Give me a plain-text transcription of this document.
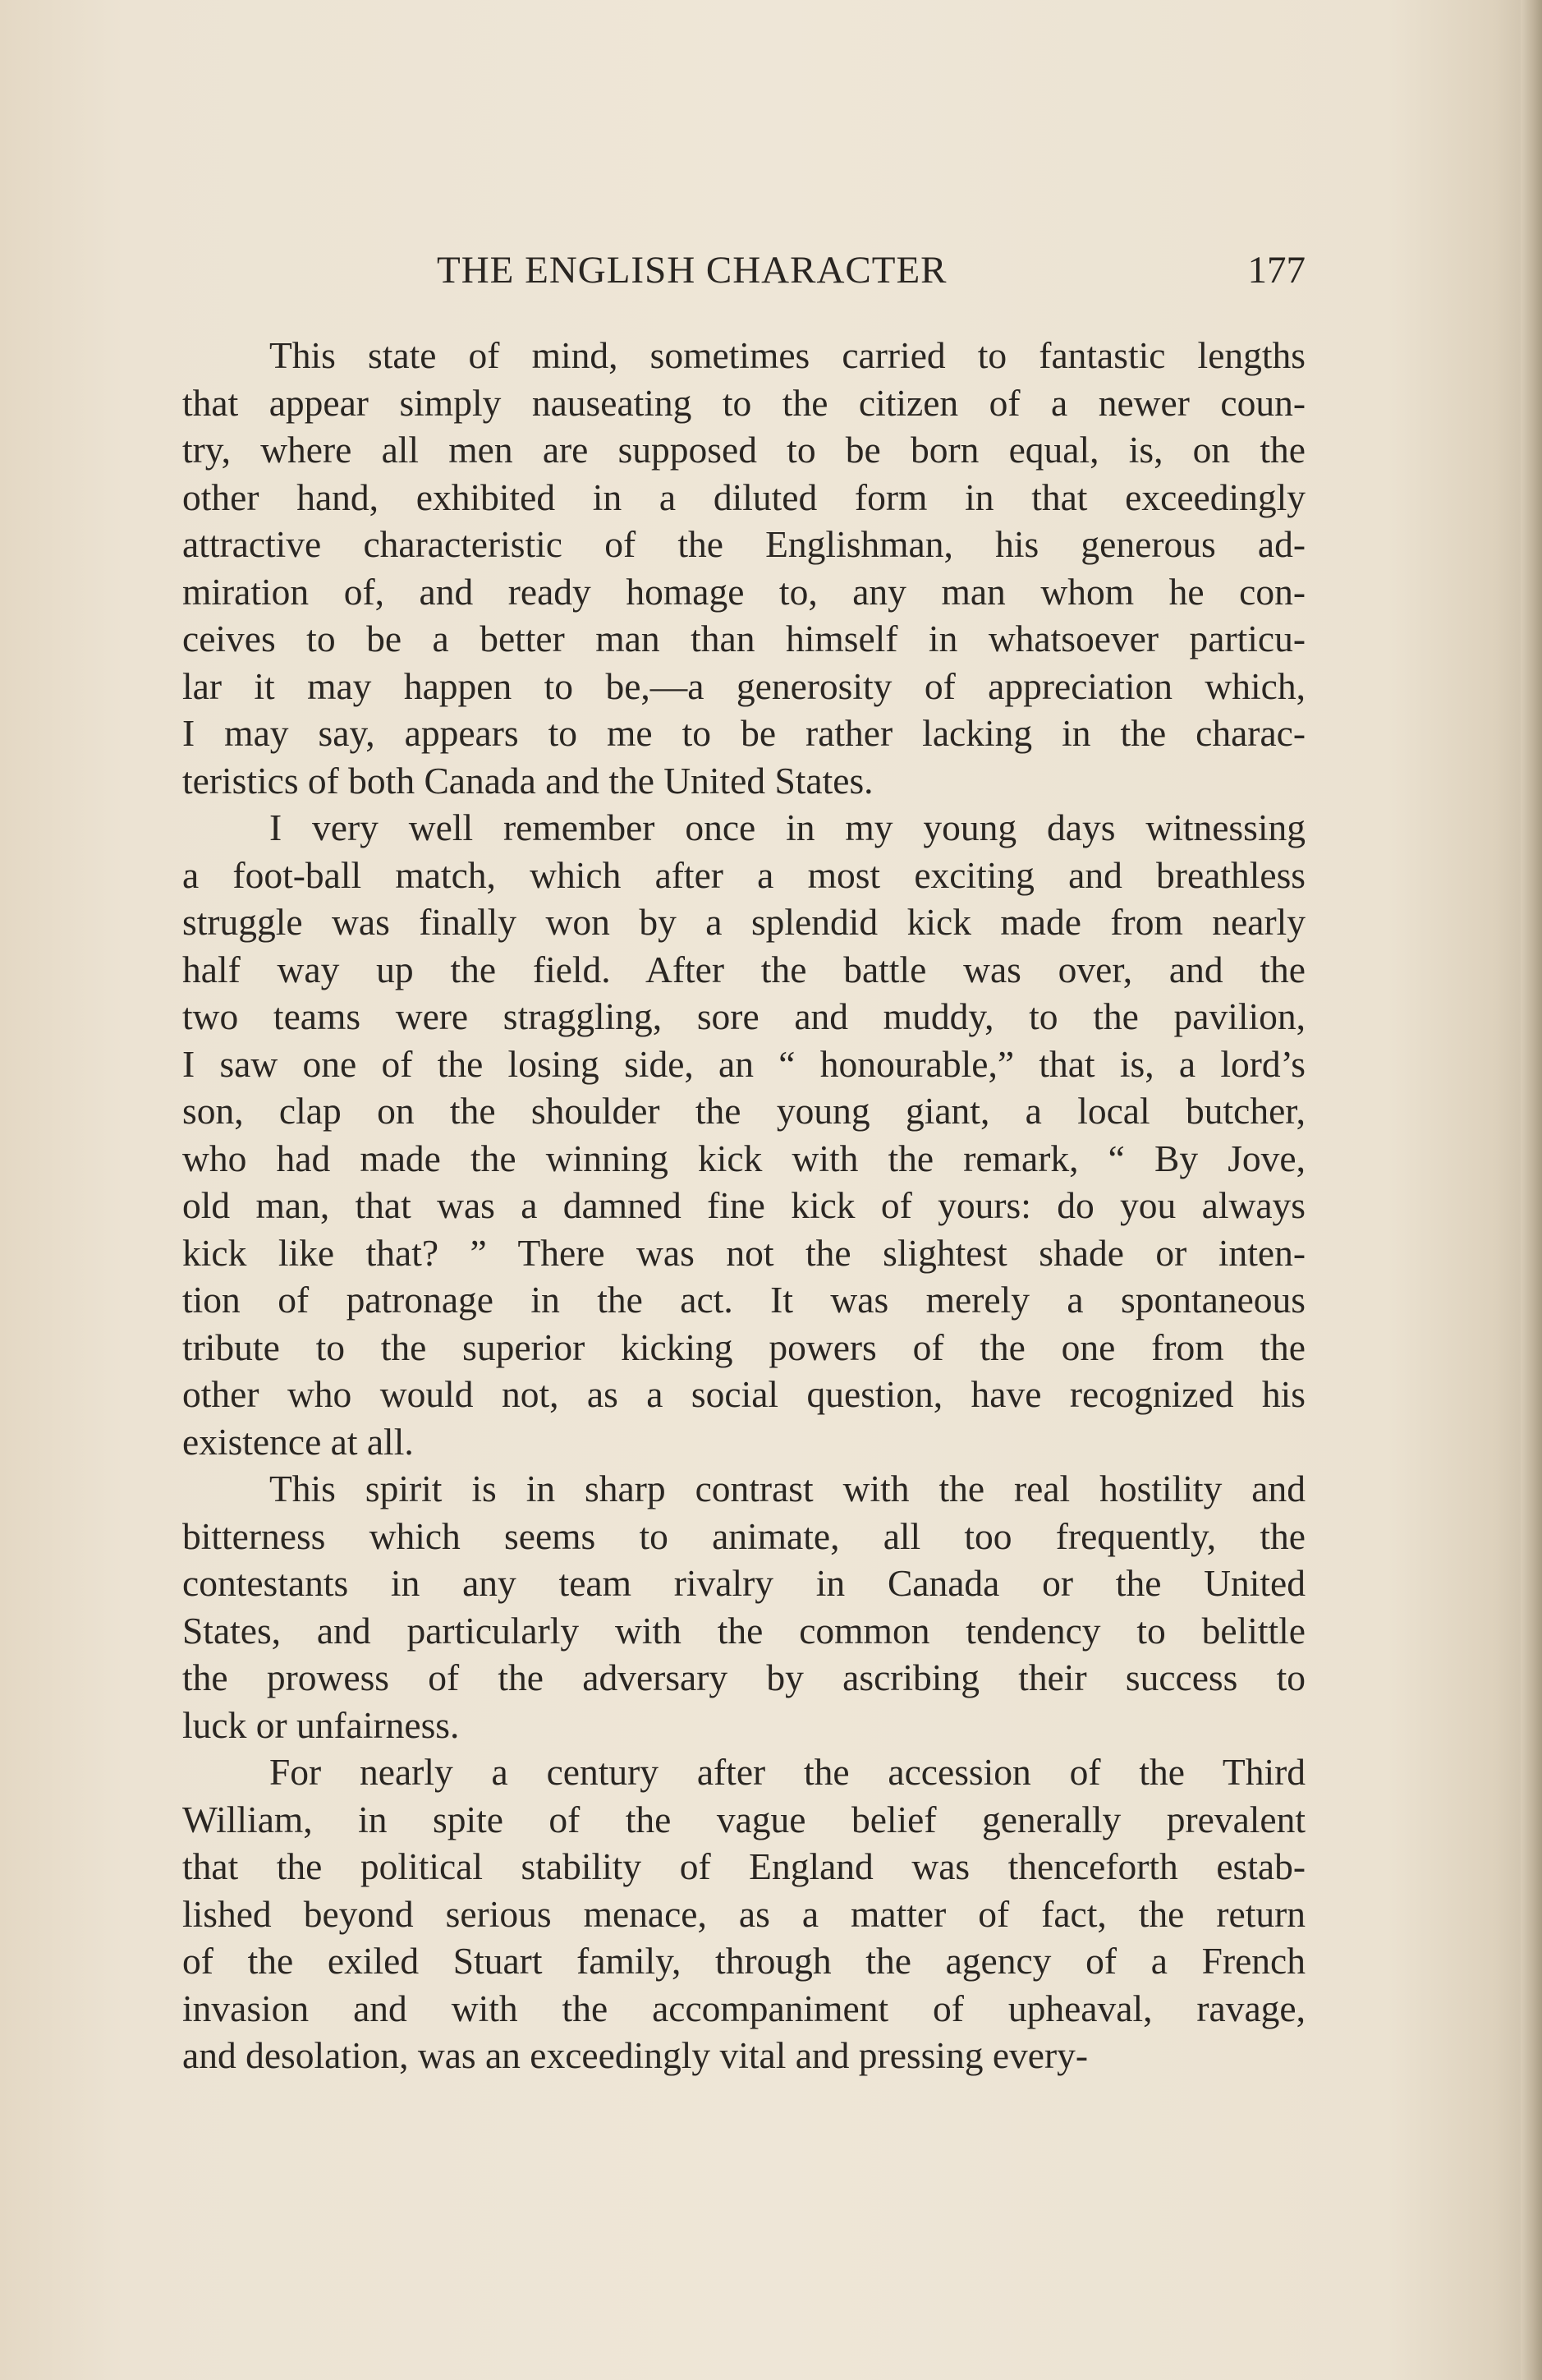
THE ENGLISH CHARACTER	177
This state of mind, sometimes carried to fantastic lengths
that appear simply nauseating to the citizen of a newer coun-
try, where all men are supposed to be born equal, is, on the
other hand, exhibited in a diluted form in that exceedingly
attractive characteristic of the Englishman, his generous ad-
miration of, and ready homage to, any man whom he con-
ceives to be a better man than himself in whatsoever particu-
lar it may happen to be,—a generosity of appreciation which,
I may say, appears to me to be rather lacking in the charac-
teristics of both Canada and the United States.
I very well remember once in my young days witnessing
a foot-ball match, which after a most exciting and breathless
struggle was finally won by a splendid kick made from nearly
half way up the field. After the battle was over, and the
two teams were straggling, sore and muddy, to the pavilion,
I saw one of the losing side, an “ honourable,” that is, a lord’s
son, clap on the shoulder the young giant, a local butcher,
who had made the winning kick with the remark, “ By Jove,
old man, that was a damned fine kick of yours: do you always
kick like that? ” There was not the slightest shade or inten-
tion of patronage in the act. It was merely a spontaneous
tribute to the superior kicking powers of the one from the
other who would not, as a social question, have recognized his
existence at all.
This spirit is in sharp contrast with the real hostility and
bitterness which seems to animate, all too frequently, the
contestants in any team rivalry in Canada or the United
States, and particularly with the common tendency to belittle
the prowess of the adversary by ascribing their success to
luck or unfairness.
For nearly a century after the accession of the Third
William, in spite of the vague belief generally prevalent
that the political stability of England was thenceforth estab-
lished beyond serious menace, as a matter of fact, the return
of the exiled Stuart family, through the agency of a French
invasion and with the accompaniment of upheaval, ravage,
and desolation, was an exceedingly vital and pressing every-
